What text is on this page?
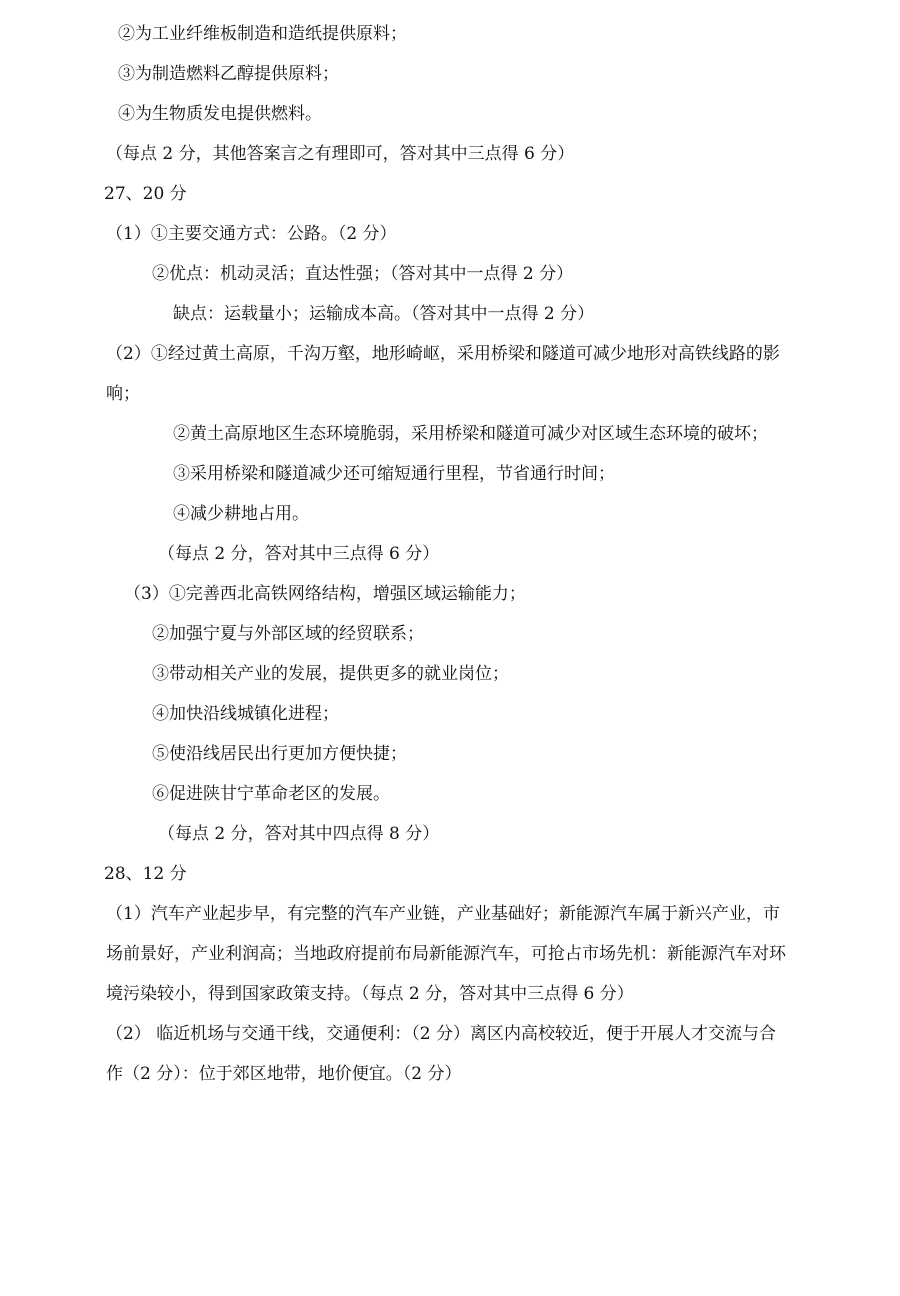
②为工业纤维板制造和造纸提供原料；
③为制造燃料乙醇提供原料；
④为生物质发电提供燃料。
（每点 2 分，其他答案言之有理即可，答对其中三点得 6 分）
27、20 分
（1）①主要交通方式：公路。（2 分）
②优点：机动灵活；直达性强；（答对其中一点得 2 分）
缺点：运载量小；运输成本高。（答对其中一点得 2 分）
（2）①经过黄土高原，千沟万壑，地形崎岖，采用桥梁和隧道可减少地形对高铁线路的影
响；
②黄土高原地区生态环境脆弱，采用桥梁和隧道可减少对区域生态环境的破坏；
③采用桥梁和隧道减少还可缩短通行里程，节省通行时间；
④减少耕地占用。
（每点 2 分，答对其中三点得 6 分）
（3）①完善西北高铁网络结构，增强区域运输能力；
②加强宁夏与外部区域的经贸联系；
③带动相关产业的发展，提供更多的就业岗位；
④加快沿线城镇化进程；
⑤使沿线居民出行更加方便快捷；
⑥促进陕甘宁革命老区的发展。
（每点 2 分，答对其中四点得 8 分）
28、12 分
（1）汽车产业起步早，有完整的汽车产业链，产业基础好；新能源汽车属于新兴产业，市
场前景好，产业利润高；当地政府提前布局新能源汽车，可抢占市场先机：新能源汽车对环
境污染较小，得到国家政策支持。（每点 2 分，答对其中三点得 6 分）
（2） 临近机场与交通干线，交通便利：（2 分）离区内高校较近，便于开展人才交流与合
作（2 分）：位于郊区地带，地价便宜。（2 分）
